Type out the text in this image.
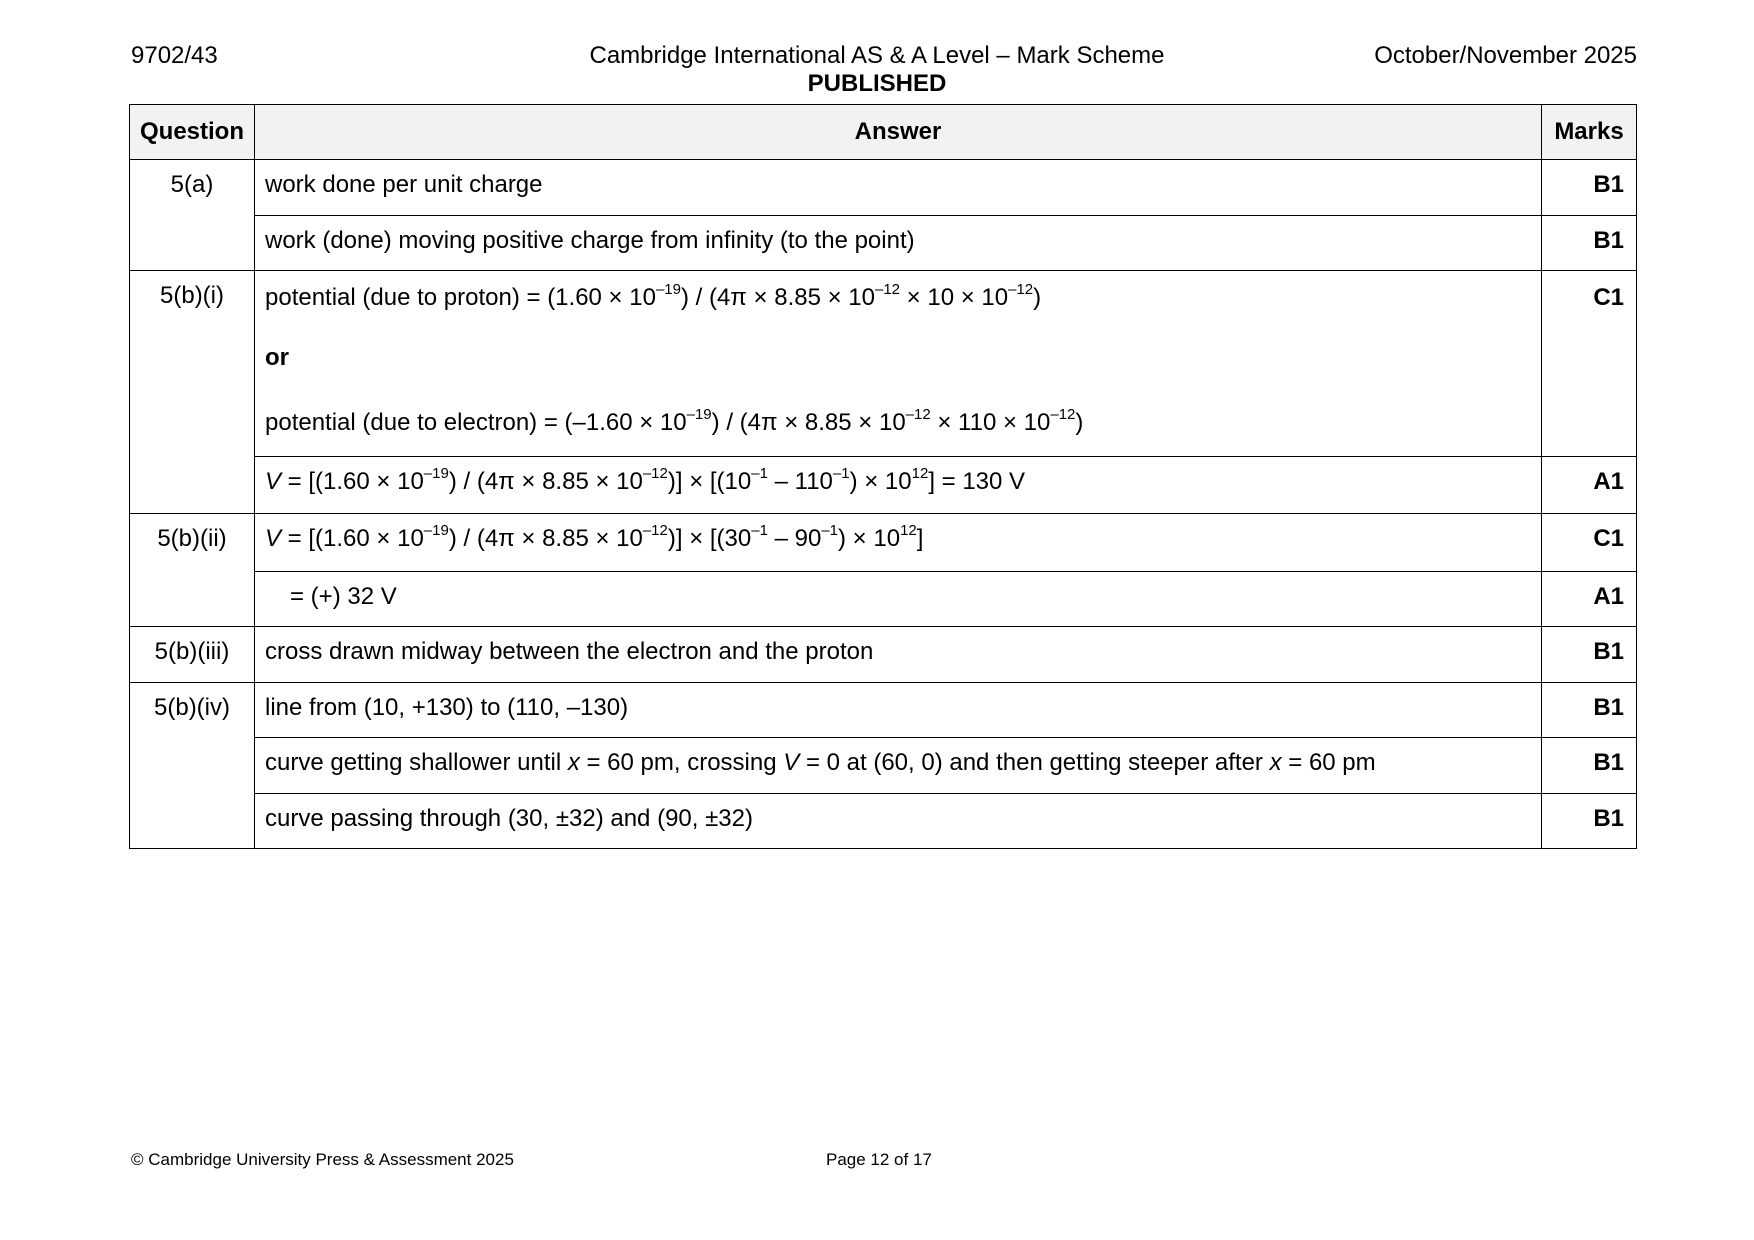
9702/43	Cambridge International AS & A Level – Mark Scheme
PUBLISHED
October/November 2025
Question	Answer	Marks
5(a)	work done per unit charge	B1
	work (done) moving positive charge from infinity (to the point)	B1
5(b)(i)	potential (due to proton) = $(1.60 \times 10^{-19}) / (4\pi \times 8.85 \times 10^{-12} \times 10 \times 10^{-12})$
or
potential (due to electron) = $(-1.60 \times 10^{-19}) / (4\pi \times 8.85 \times 10^{-12} \times 110 \times 10^{-12})$	C1
	$V = [(1.60 \times 10^{-19}) / (4\pi \times 8.85 \times 10^{-12})] \times [(10^{-1} - 110^{-1}) \times 10^{12}] = 130$ V	A1
5(b)(ii)	$V = [(1.60 \times 10^{-19}) / (4\pi \times 8.85 \times 10^{-12})] \times [(30^{-1} - 90^{-1}) \times 10^{12}]$	C1
	= (+) 32 V	A1
5(b)(iii)	cross drawn midway between the electron and the proton	B1
5(b)(iv)	line from (10, +130) to (110, –130)	B1
	curve getting shallower until x = 60 pm, crossing V = 0 at (60, 0) and then getting steeper after x = 60 pm	B1
	curve passing through (30, ±32) and (90, ±32)	B1
© Cambridge University Press & Assessment 2025	Page 12 of 17
